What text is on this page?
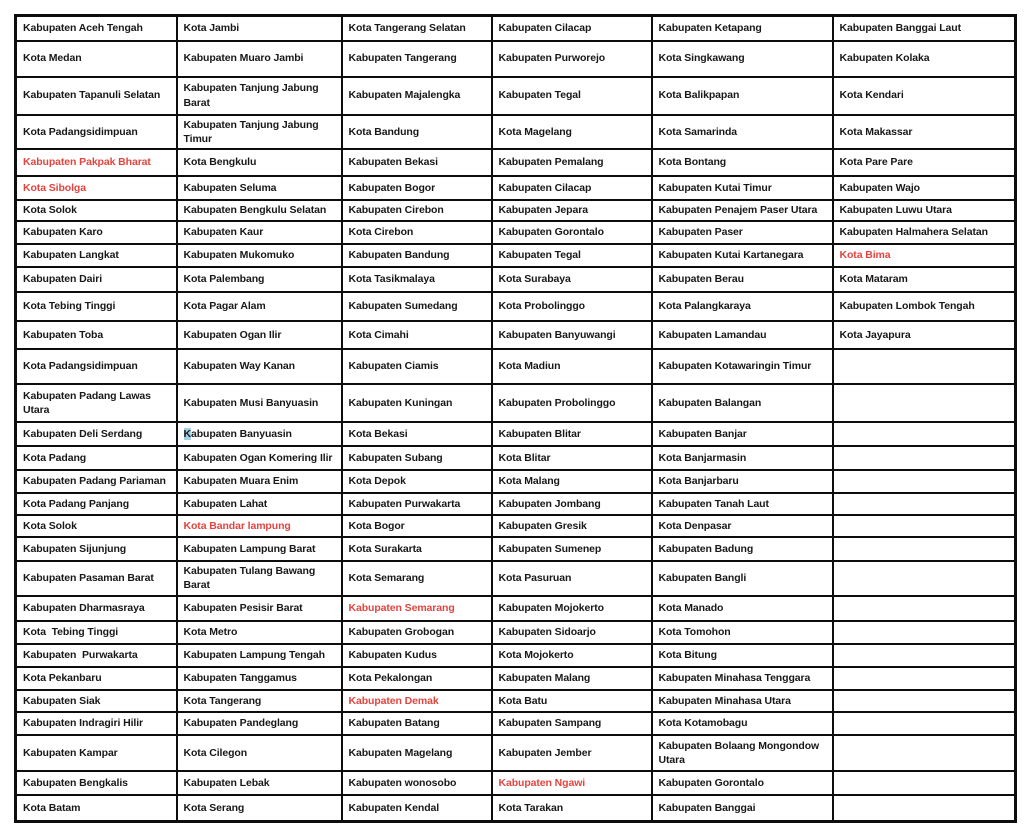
Kabupaten Aceh Tengah	Kota Jambi	Kota Tangerang Selatan	Kabupaten Cilacap	Kabupaten Ketapang	Kabupaten Banggai Laut
Kota Medan	Kabupaten Muaro Jambi	Kabupaten Tangerang	Kabupaten Purworejo	Kota Singkawang	Kabupaten Kolaka
Kabupaten Tapanuli Selatan	Kabupaten Tanjung Jabung Barat	Kabupaten Majalengka	Kabupaten Tegal	Kota Balikpapan	Kota Kendari
Kota Padangsidimpuan	Kabupaten Tanjung Jabung Timur	Kota Bandung	Kota Magelang	Kota Samarinda	Kota Makassar
Kabupaten Pakpak Bharat	Kota Bengkulu	Kabupaten Bekasi	Kabupaten Pemalang	Kota Bontang	Kota Pare Pare
Kota Sibolga	Kabupaten Seluma	Kabupaten Bogor	Kabupaten Cilacap	Kabupaten Kutai Timur	Kabupaten Wajo
Kota Solok	Kabupaten Bengkulu Selatan	Kabupaten Cirebon	Kabupaten Jepara	Kabupaten Penajem Paser Utara	Kabupaten Luwu Utara
Kabupaten Karo	Kabupaten Kaur	Kota Cirebon	Kabupaten Gorontalo	Kabupaten Paser	Kabupaten Halmahera Selatan
Kabupaten Langkat	Kabupaten Mukomuko	Kabupaten Bandung	Kabupaten Tegal	Kabupaten Kutai Kartanegara	Kota Bima
Kabupaten Dairi	Kota Palembang	Kota Tasikmalaya	Kota Surabaya	Kabupaten Berau	Kota Mataram
Kota Tebing Tinggi	Kota Pagar Alam	Kabupaten Sumedang	Kota Probolinggo	Kota Palangkaraya	Kabupaten Lombok Tengah
Kabupaten Toba	Kabupaten Ogan Ilir	Kota Cimahi	Kabupaten Banyuwangi	Kabupaten Lamandau	Kota Jayapura
Kota Padangsidimpuan	Kabupaten Way Kanan	Kabupaten Ciamis	Kota Madiun	Kabupaten Kotawaringin Timur	
Kabupaten Padang Lawas Utara	Kabupaten Musi Banyuasin	Kabupaten Kuningan	Kabupaten Probolinggo	Kabupaten Balangan	
Kabupaten Deli Serdang	Kabupaten Banyuasin	Kota Bekasi	Kabupaten Blitar	Kabupaten Banjar	
Kota Padang	Kabupaten Ogan Komering Ilir	Kabupaten Subang	Kota Blitar	Kota Banjarmasin	
Kabupaten Padang Pariaman	Kabupaten Muara Enim	Kota Depok	Kota Malang	Kota Banjarbaru	
Kota Padang Panjang	Kabupaten Lahat	Kabupaten Purwakarta	Kabupaten Jombang	Kabupaten Tanah Laut	
Kota Solok	Kota Bandar lampung	Kota Bogor	Kabupaten Gresik	Kota Denpasar	
Kabupaten Sijunjung	Kabupaten Lampung Barat	Kota Surakarta	Kabupaten Sumenep	Kabupaten Badung	
Kabupaten Pasaman Barat	Kabupaten Tulang Bawang Barat	Kota Semarang	Kota Pasuruan	Kabupaten Bangli	
Kabupaten Dharmasraya	Kabupaten Pesisir Barat	Kabupaten Semarang	Kabupaten Mojokerto	Kota Manado	
Kota  Tebing Tinggi	Kota Metro	Kabupaten Grobogan	Kabupaten Sidoarjo	Kota Tomohon	
Kabupaten  Purwakarta	Kabupaten Lampung Tengah	Kabupaten Kudus	Kota Mojokerto	Kota Bitung	
Kota Pekanbaru	Kabupaten Tanggamus	Kota Pekalongan	Kabupaten Malang	Kabupaten Minahasa Tenggara	
Kabupaten Siak	Kota Tangerang	Kabupaten Demak	Kota Batu	Kabupaten Minahasa Utara	
Kabupaten Indragiri Hilir	Kabupaten Pandeglang	Kabupaten Batang	Kabupaten Sampang	Kota Kotamobagu	
Kabupaten Kampar	Kota Cilegon	Kabupaten Magelang	Kabupaten Jember	Kabupaten Bolaang Mongondow Utara	
Kabupaten Bengkalis	Kabupaten Lebak	Kabupaten wonosobo	Kabupaten Ngawi	Kabupaten Gorontalo	
Kota Batam	Kota Serang	Kabupaten Kendal	Kota Tarakan	Kabupaten Banggai	
